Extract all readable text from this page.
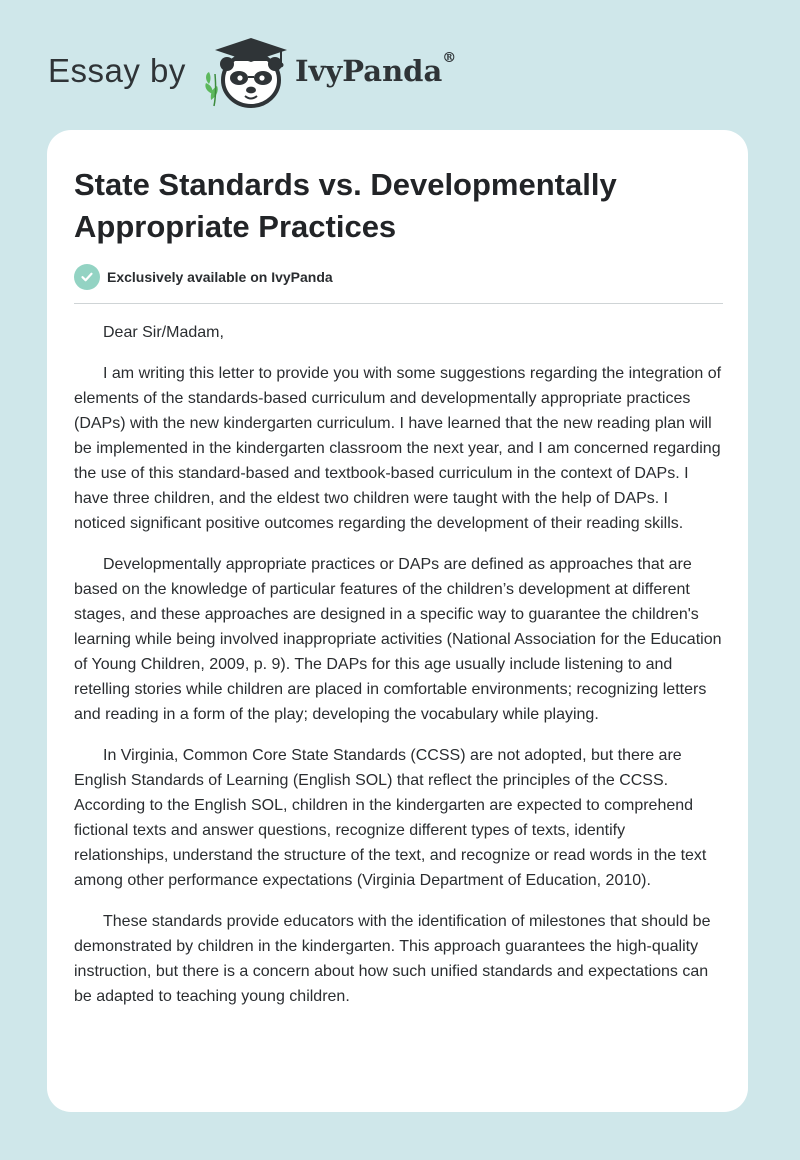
Essay by	IvyPanda®
State Standards vs. Developmentally Appropriate Practices
Exclusively available on IvyPanda

Dear Sir/Madam,

I am writing this letter to provide you with some suggestions regarding the integration of elements of the standards-based curriculum and developmentally appropriate practices (DAPs) with the new kindergarten curriculum. I have learned that the new reading plan will be implemented in the kindergarten classroom the next year, and I am concerned regarding the use of this standard-based and textbook-based curriculum in the context of DAPs. I have three children, and the eldest two children were taught with the help of DAPs. I noticed significant positive outcomes regarding the development of their reading skills.

Developmentally appropriate practices or DAPs are defined as approaches that are based on the knowledge of particular features of the children’s development at different stages, and these approaches are designed in a specific way to guarantee the children's learning while being involved inappropriate activities (National Association for the Education of Young Children, 2009, p. 9). The DAPs for this age usually include listening to and retelling stories while children are placed in comfortable environments; recognizing letters and reading in a form of the play; developing the vocabulary while playing.

In Virginia, Common Core State Standards (CCSS) are not adopted, but there are English Standards of Learning (English SOL) that reflect the principles of the CCSS. According to the English SOL, children in the kindergarten are expected to comprehend fictional texts and answer questions, recognize different types of texts, identify relationships, understand the structure of the text, and recognize or read words in the text among other performance expectations (Virginia Department of Education, 2010).

These standards provide educators with the identification of milestones that should be demonstrated by children in the kindergarten. This approach guarantees the high-quality instruction, but there is a concern about how such unified standards and expectations can be adapted to teaching young children.
